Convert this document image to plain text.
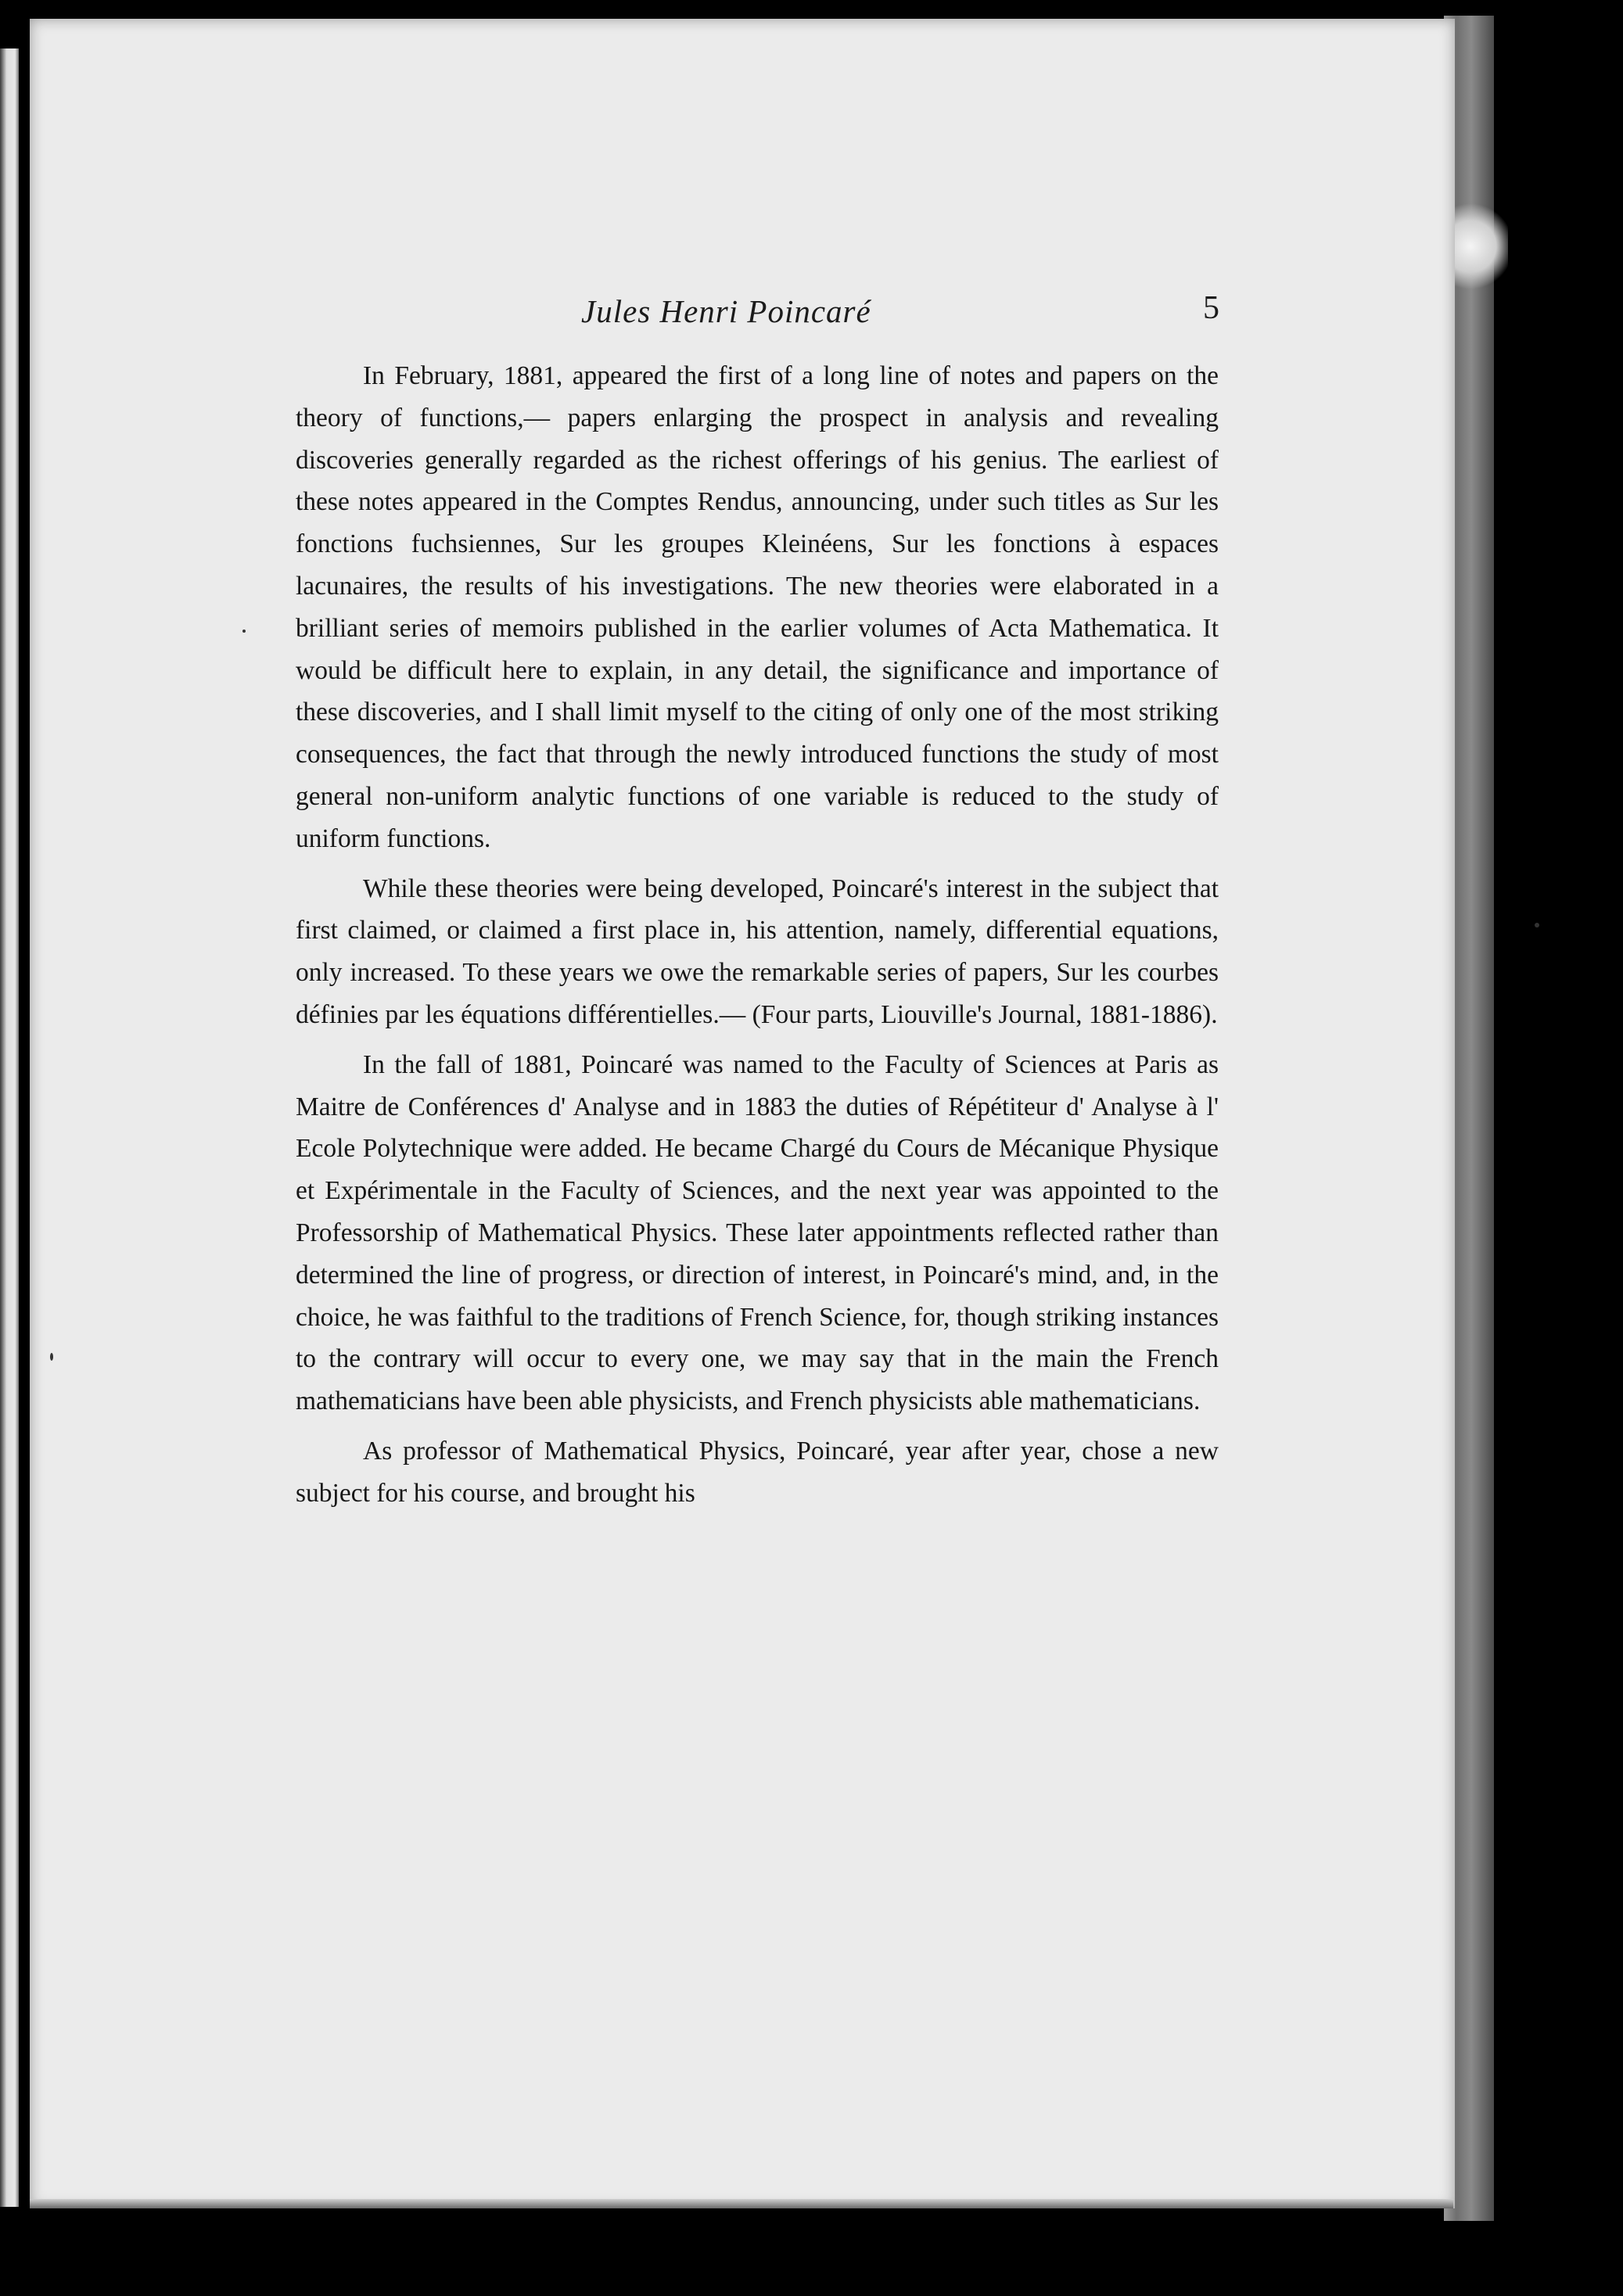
Jules Henri Poincaré	5

In February, 1881, appeared the first of a long line of notes and papers on the theory of functions,— papers enlarging the prospect in analysis and revealing discoveries generally regarded as the richest offerings of his genius. The earliest of these notes appeared in the Comptes Rendus, announcing, under such titles as Sur les fonctions fuchsiennes, Sur les groupes Kleinéens, Sur les fonctions à espaces lacunaires, the results of his investigations. The new theories were elaborated in a brilliant series of memoirs published in the earlier volumes of Acta Mathematica. It would be difficult here to explain, in any detail, the significance and importance of these discoveries, and I shall limit myself to the citing of only one of the most striking consequences, the fact that through the newly introduced functions the study of most general non-uniform analytic functions of one variable is reduced to the study of uniform functions.

While these theories were being developed, Poincaré's interest in the subject that first claimed, or claimed a first place in, his attention, namely, differential equations, only increased. To these years we owe the remarkable series of papers, Sur les courbes définies par les équations différentielles.— (Four parts, Liouville's Journal, 1881-1886).

In the fall of 1881, Poincaré was named to the Faculty of Sciences at Paris as Maitre de Conférences d' Analyse and in 1883 the duties of Répétiteur d' Analyse à l' Ecole Polytechnique were added. He became Chargé du Cours de Mécanique Physique et Expérimentale in the Faculty of Sciences, and the next year was appointed to the Professorship of Mathematical Physics. These later appointments reflected rather than determined the line of progress, or direction of interest, in Poincaré's mind, and, in the choice, he was faithful to the traditions of French Science, for, though striking instances to the contrary will occur to every one, we may say that in the main the French mathematicians have been able physicists, and French physicists able mathematicians.

As professor of Mathematical Physics, Poincaré, year after year, chose a new subject for his course, and brought his
